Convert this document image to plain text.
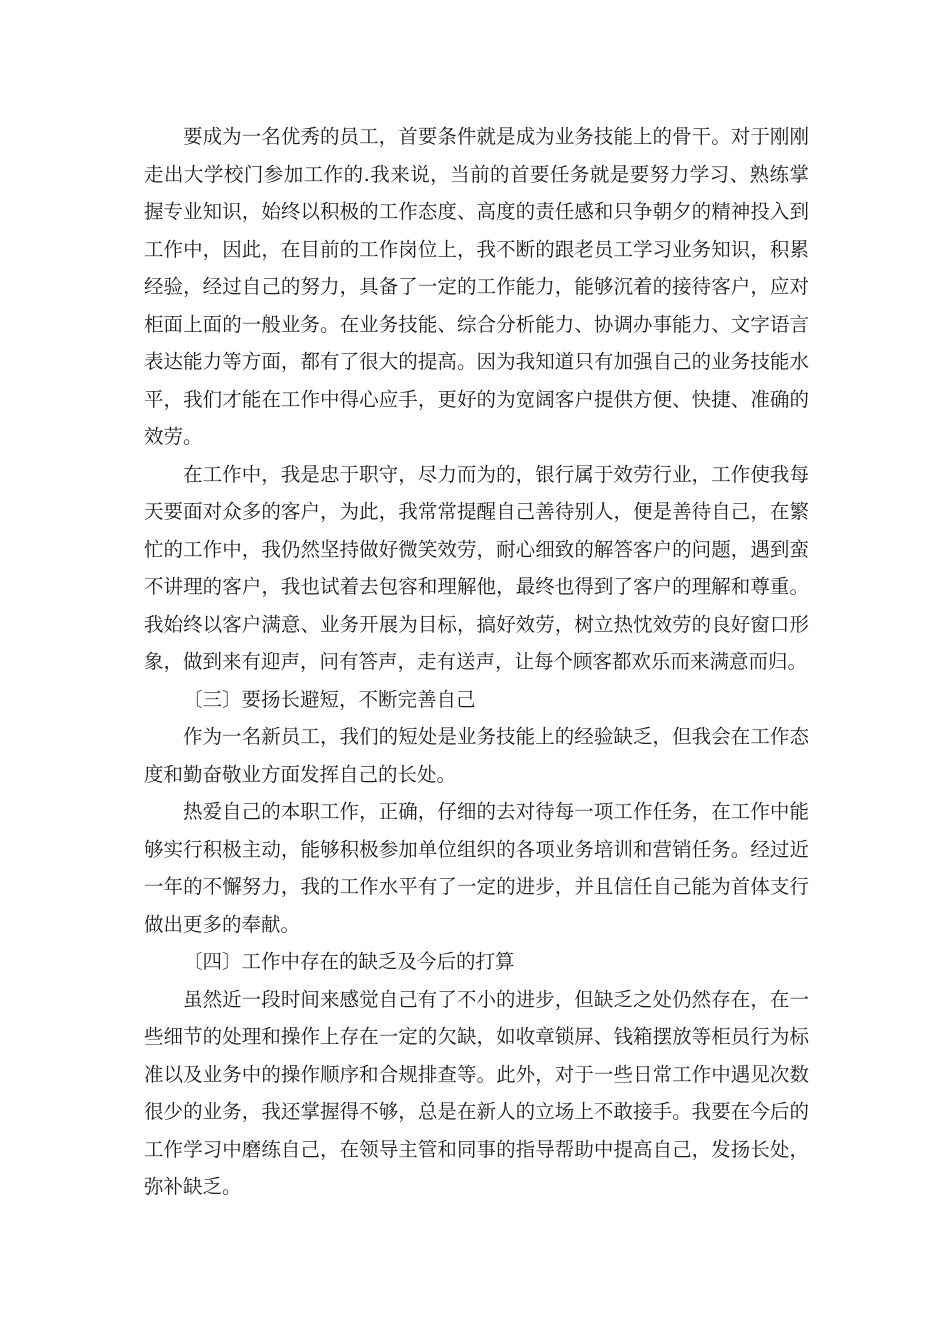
要成为一名优秀的员工，首要条件就是成为业务技能上的骨干。对于刚刚走出大学校门参加工作的.我来说，当前的首要任务就是要努力学习、熟练掌握专业知识，始终以积极的工作态度、高度的责任感和只争朝夕的精神投入到工作中，因此，在目前的工作岗位上，我不断的跟老员工学习业务知识，积累经验，经过自己的努力，具备了一定的工作能力，能够沉着的接待客户，应对柜面上面的一般业务。在业务技能、综合分析能力、协调办事能力、文字语言表达能力等方面，都有了很大的提高。因为我知道只有加强自己的业务技能水平，我们才能在工作中得心应手，更好的为宽阔客户提供方便、快捷、准确的效劳。

在工作中，我是忠于职守，尽力而为的，银行属于效劳行业，工作使我每天要面对众多的客户，为此，我常常提醒自己善待别人，便是善待自己，在繁忙的工作中，我仍然坚持做好微笑效劳，耐心细致的解答客户的问题，遇到蛮不讲理的客户，我也试着去包容和理解他，最终也得到了客户的理解和尊重。我始终以客户满意、业务开展为目标，搞好效劳，树立热忱效劳的良好窗口形象，做到来有迎声，问有答声，走有送声，让每个顾客都欢乐而来满意而归。

〔三〕要扬长避短，不断完善自己

作为一名新员工，我们的短处是业务技能上的经验缺乏，但我会在工作态度和勤奋敬业方面发挥自己的长处。

热爱自己的本职工作，正确，仔细的去对待每一项工作任务，在工作中能够实行积极主动，能够积极参加单位组织的各项业务培训和营销任务。经过近一年的不懈努力，我的工作水平有了一定的进步，并且信任自己能为首体支行做出更多的奉献。

〔四〕工作中存在的缺乏及今后的打算

虽然近一段时间来感觉自己有了不小的进步，但缺乏之处仍然存在，在一些细节的处理和操作上存在一定的欠缺，如收章锁屏、钱箱摆放等柜员行为标准以及业务中的操作顺序和合规排查等。此外，对于一些日常工作中遇见次数很少的业务，我还掌握得不够，总是在新人的立场上不敢接手。我要在今后的工作学习中磨练自己，在领导主管和同事的指导帮助中提高自己，发扬长处，弥补缺乏。
